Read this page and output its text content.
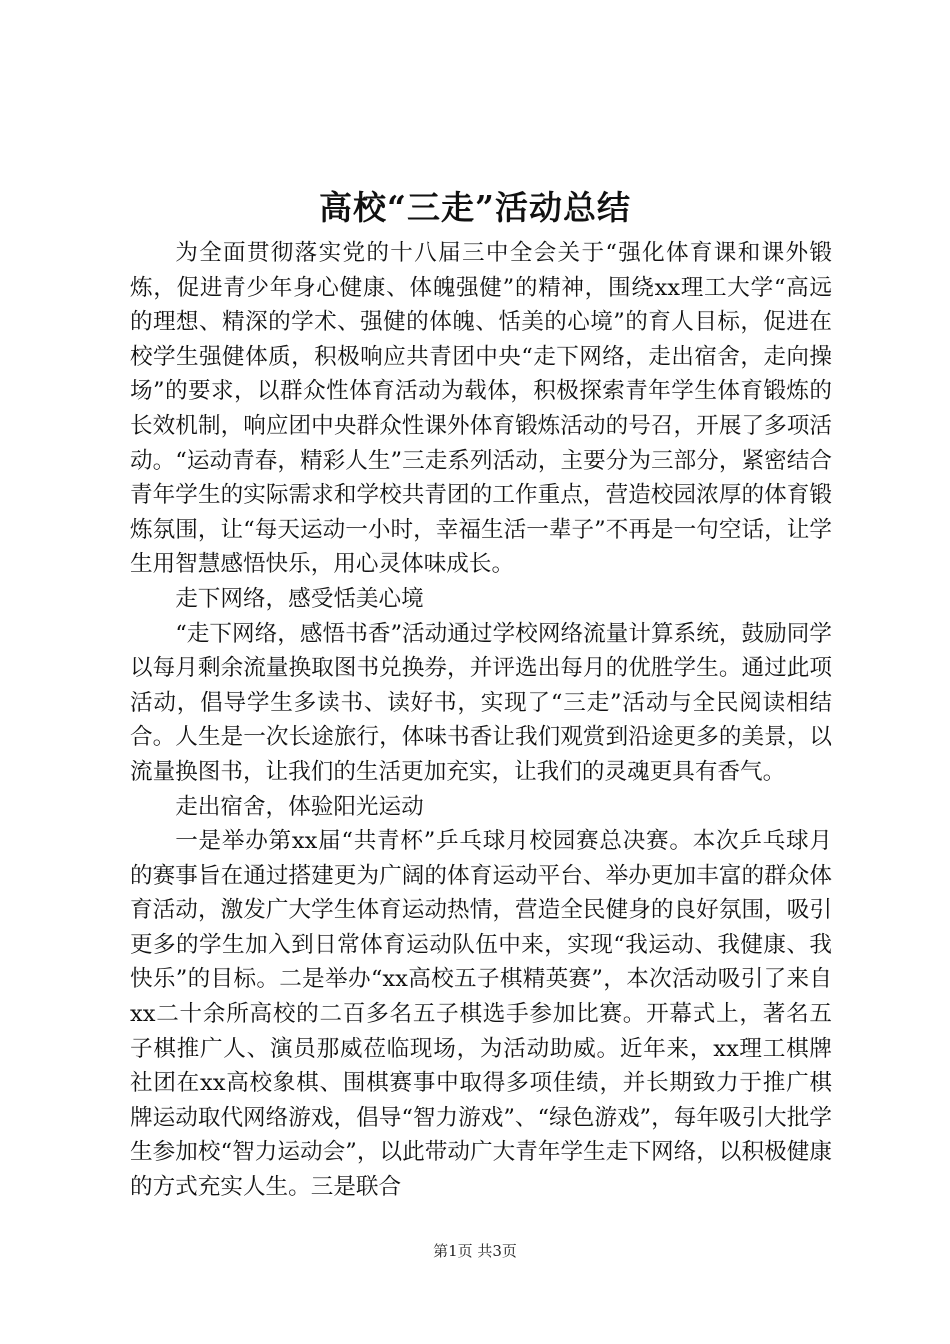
高校“三走”活动总结

为全面贯彻落实党的十八届三中全会关于“强化体育课和课外锻炼，促进青少年身心健康、体魄强健”的精神，围绕xx理工大学“高远的理想、精深的学术、强健的体魄、恬美的心境”的育人目标，促进在校学生强健体质，积极响应共青团中央“走下网络，走出宿舍，走向操场”的要求，以群众性体育活动为载体，积极探索青年学生体育锻炼的长效机制，响应团中央群众性课外体育锻炼活动的号召，开展了多项活动。“运动青春，精彩人生”三走系列活动，主要分为三部分，紧密结合青年学生的实际需求和学校共青团的工作重点，营造校园浓厚的体育锻炼氛围，让“每天运动一小时，幸福生活一辈子”不再是一句空话，让学生用智慧感悟快乐，用心灵体味成长。

走下网络，感受恬美心境

“走下网络，感悟书香”活动通过学校网络流量计算系统，鼓励同学以每月剩余流量换取图书兑换券，并评选出每月的优胜学生。通过此项活动，倡导学生多读书、读好书，实现了“三走”活动与全民阅读相结合。人生是一次长途旅行，体味书香让我们观赏到沿途更多的美景，以流量换图书，让我们的生活更加充实，让我们的灵魂更具有香气。

走出宿舍，体验阳光运动

一是举办第xx届“共青杯”乒乓球月校园赛总决赛。本次乒乓球月的赛事旨在通过搭建更为广阔的体育运动平台、举办更加丰富的群众体育活动，激发广大学生体育运动热情，营造全民健身的良好氛围，吸引更多的学生加入到日常体育运动队伍中来，实现“我运动、我健康、我快乐”的目标。二是举办“xx高校五子棋精英赛”，本次活动吸引了来自xx二十余所高校的二百多名五子棋选手参加比赛。开幕式上，著名五子棋推广人、演员那威莅临现场，为活动助威。近年来，xx理工棋牌社团在xx高校象棋、围棋赛事中取得多项佳绩，并长期致力于推广棋牌运动取代网络游戏，倡导“智力游戏”、“绿色游戏”，每年吸引大批学生参加校“智力运动会”，以此带动广大青年学生走下网络，以积极健康的方式充实人生。三是联合

第1页 共3页
